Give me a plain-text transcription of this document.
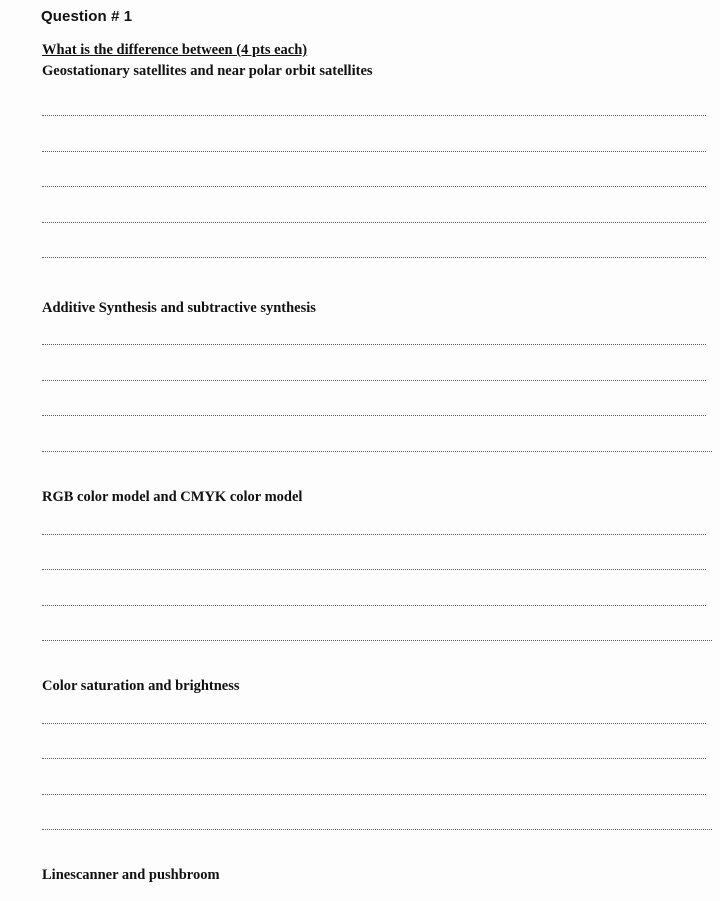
Question # 1
What is the difference between (4 pts each)
Geostationary satellites and near polar orbit satellites
Additive Synthesis and subtractive synthesis
RGB color model and CMYK color model
Color saturation and brightness
Linescanner and pushbroom
